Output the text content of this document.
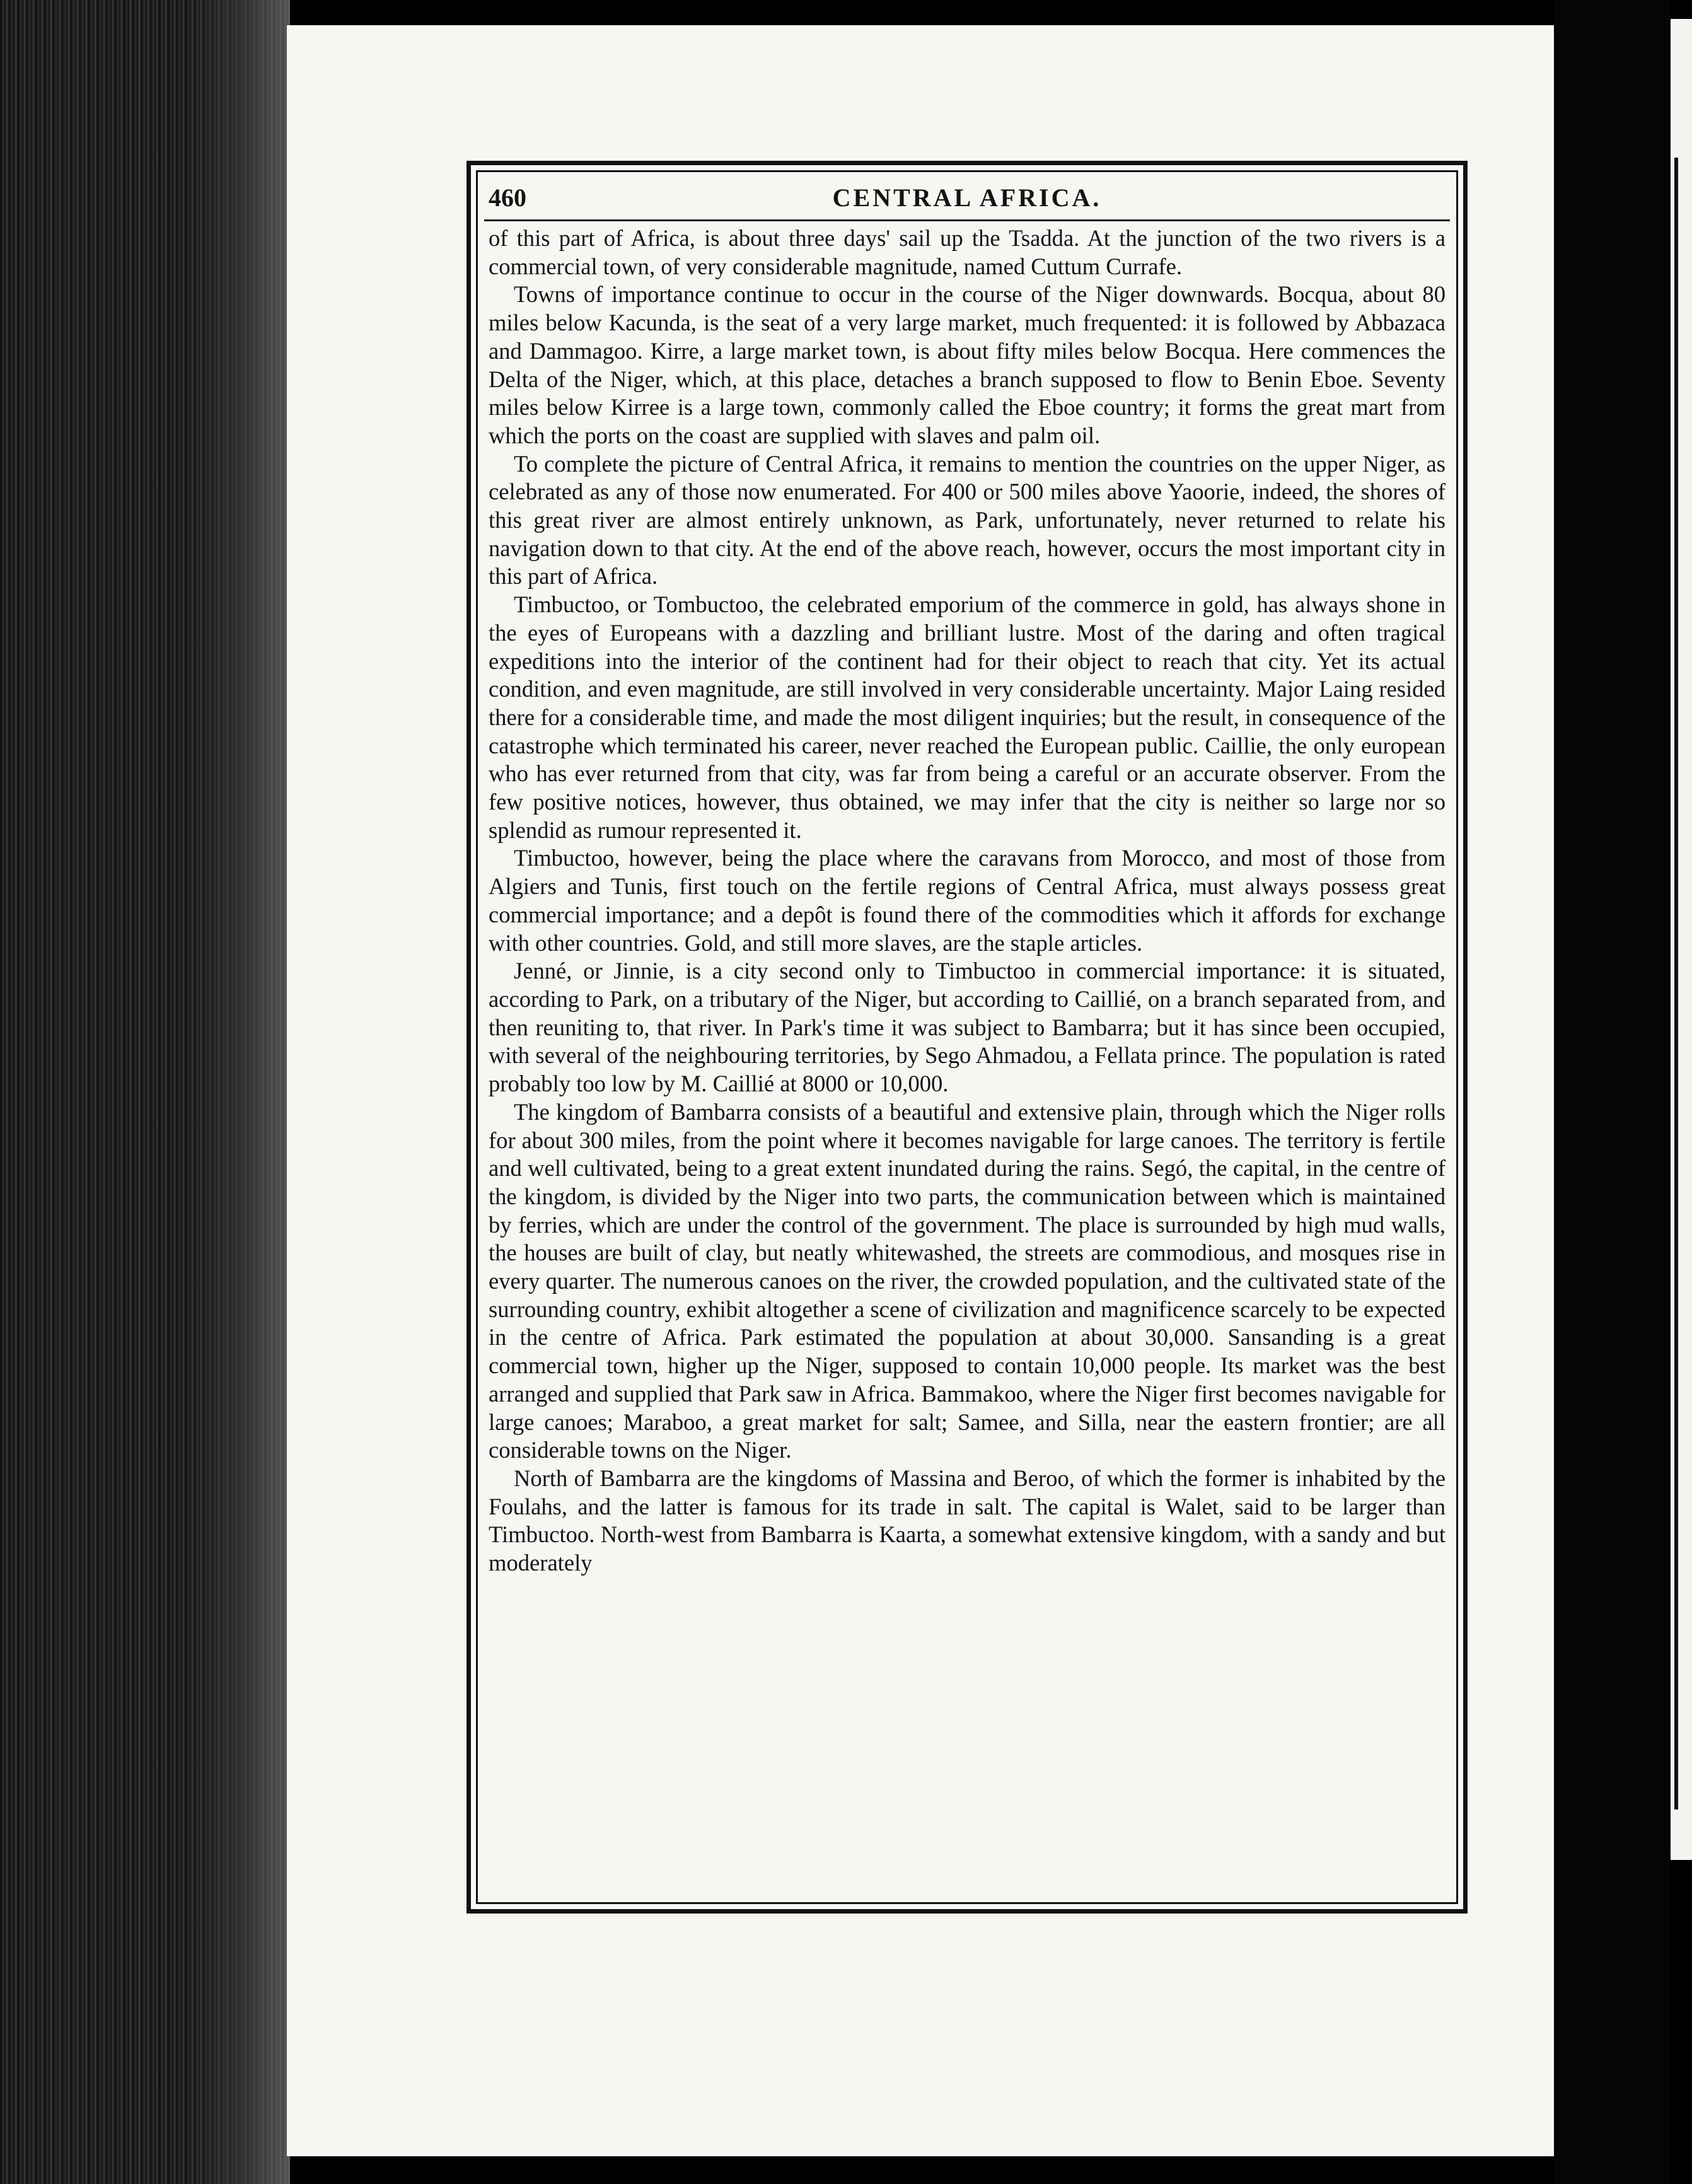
CENTRAL AFRICA.
460

of this part of Africa, is about three days' sail up the Tsadda. At the junction of the two rivers is a commercial town, of very considerable magnitude, named Cuttum Currafe.

Towns of importance continue to occur in the course of the Niger downwards. Bocqua, about 80 miles below Kacunda, is the seat of a very large market, much frequented: it is followed by Abbazaca and Dammagoo. Kirre, a large market town, is about fifty miles below Bocqua. Here commences the Delta of the Niger, which, at this place, detaches a branch supposed to flow to Benin Eboe. Seventy miles below Kirree is a large town, commonly called the Eboe country; it forms the great mart from which the ports on the coast are supplied with slaves and palm oil.

To complete the picture of Central Africa, it remains to mention the countries on the upper Niger, as celebrated as any of those now enumerated. For 400 or 500 miles above Yaoorie, indeed, the shores of this great river are almost entirely unknown, as Park, unfortunately, never returned to relate his navigation down to that city. At the end of the above reach, however, occurs the most important city in this part of Africa.

Timbuctoo, or Tombuctoo, the celebrated emporium of the commerce in gold, has always shone in the eyes of Europeans with a dazzling and brilliant lustre. Most of the daring and often tragical expeditions into the interior of the continent had for their object to reach that city. Yet its actual condition, and even magnitude, are still involved in very considerable uncertainty. Major Laing resided there for a considerable time, and made the most diligent inquiries; but the result, in consequence of the catastrophe which terminated his career, never reached the European public. Caillie, the only european who has ever returned from that city, was far from being a careful or an accurate observer. From the few positive notices, however, thus obtained, we may infer that the city is neither so large nor so splendid as rumour represented it.

Timbuctoo, however, being the place where the caravans from Morocco, and most of those from Algiers and Tunis, first touch on the fertile regions of Central Africa, must always possess great commercial importance; and a depôt is found there of the commodities which it affords for exchange with other countries. Gold, and still more slaves, are the staple articles.

Jenné, or Jinnie, is a city second only to Timbuctoo in commercial importance: it is situated, according to Park, on a tributary of the Niger, but according to Caillié, on a branch separated from, and then reuniting to, that river. In Park's time it was subject to Bambarra; but it has since been occupied, with several of the neighbouring territories, by Sego Ahmadou, a Fellata prince. The population is rated probably too low by M. Caillié at 8000 or 10,000.

The kingdom of Bambarra consists of a beautiful and extensive plain, through which the Niger rolls for about 300 miles, from the point where it becomes navigable for large canoes. The territory is fertile and well cultivated, being to a great extent inundated during the rains. Segó, the capital, in the centre of the kingdom, is divided by the Niger into two parts, the communication between which is maintained by ferries, which are under the control of the government. The place is surrounded by high mud walls, the houses are built of clay, but neatly whitewashed, the streets are commodious, and mosques rise in every quarter. The numerous canoes on the river, the crowded population, and the cultivated state of the surrounding country, exhibit altogether a scene of civilization and magnificence scarcely to be expected in the centre of Africa. Park estimated the population at about 30,000. Sansanding is a great commercial town, higher up the Niger, supposed to contain 10,000 people. Its market was the best arranged and supplied that Park saw in Africa. Bammakoo, where the Niger first becomes navigable for large canoes; Maraboo, a great market for salt; Samee, and Silla, near the eastern frontier; are all considerable towns on the Niger.

North of Bambarra are the kingdoms of Massina and Beroo, of which the former is inhabited by the Foulahs, and the latter is famous for its trade in salt. The capital is Walet, said to be larger than Timbuctoo. North-west from Bambarra is Kaarta, a somewhat extensive kingdom, with a sandy and but moderately
